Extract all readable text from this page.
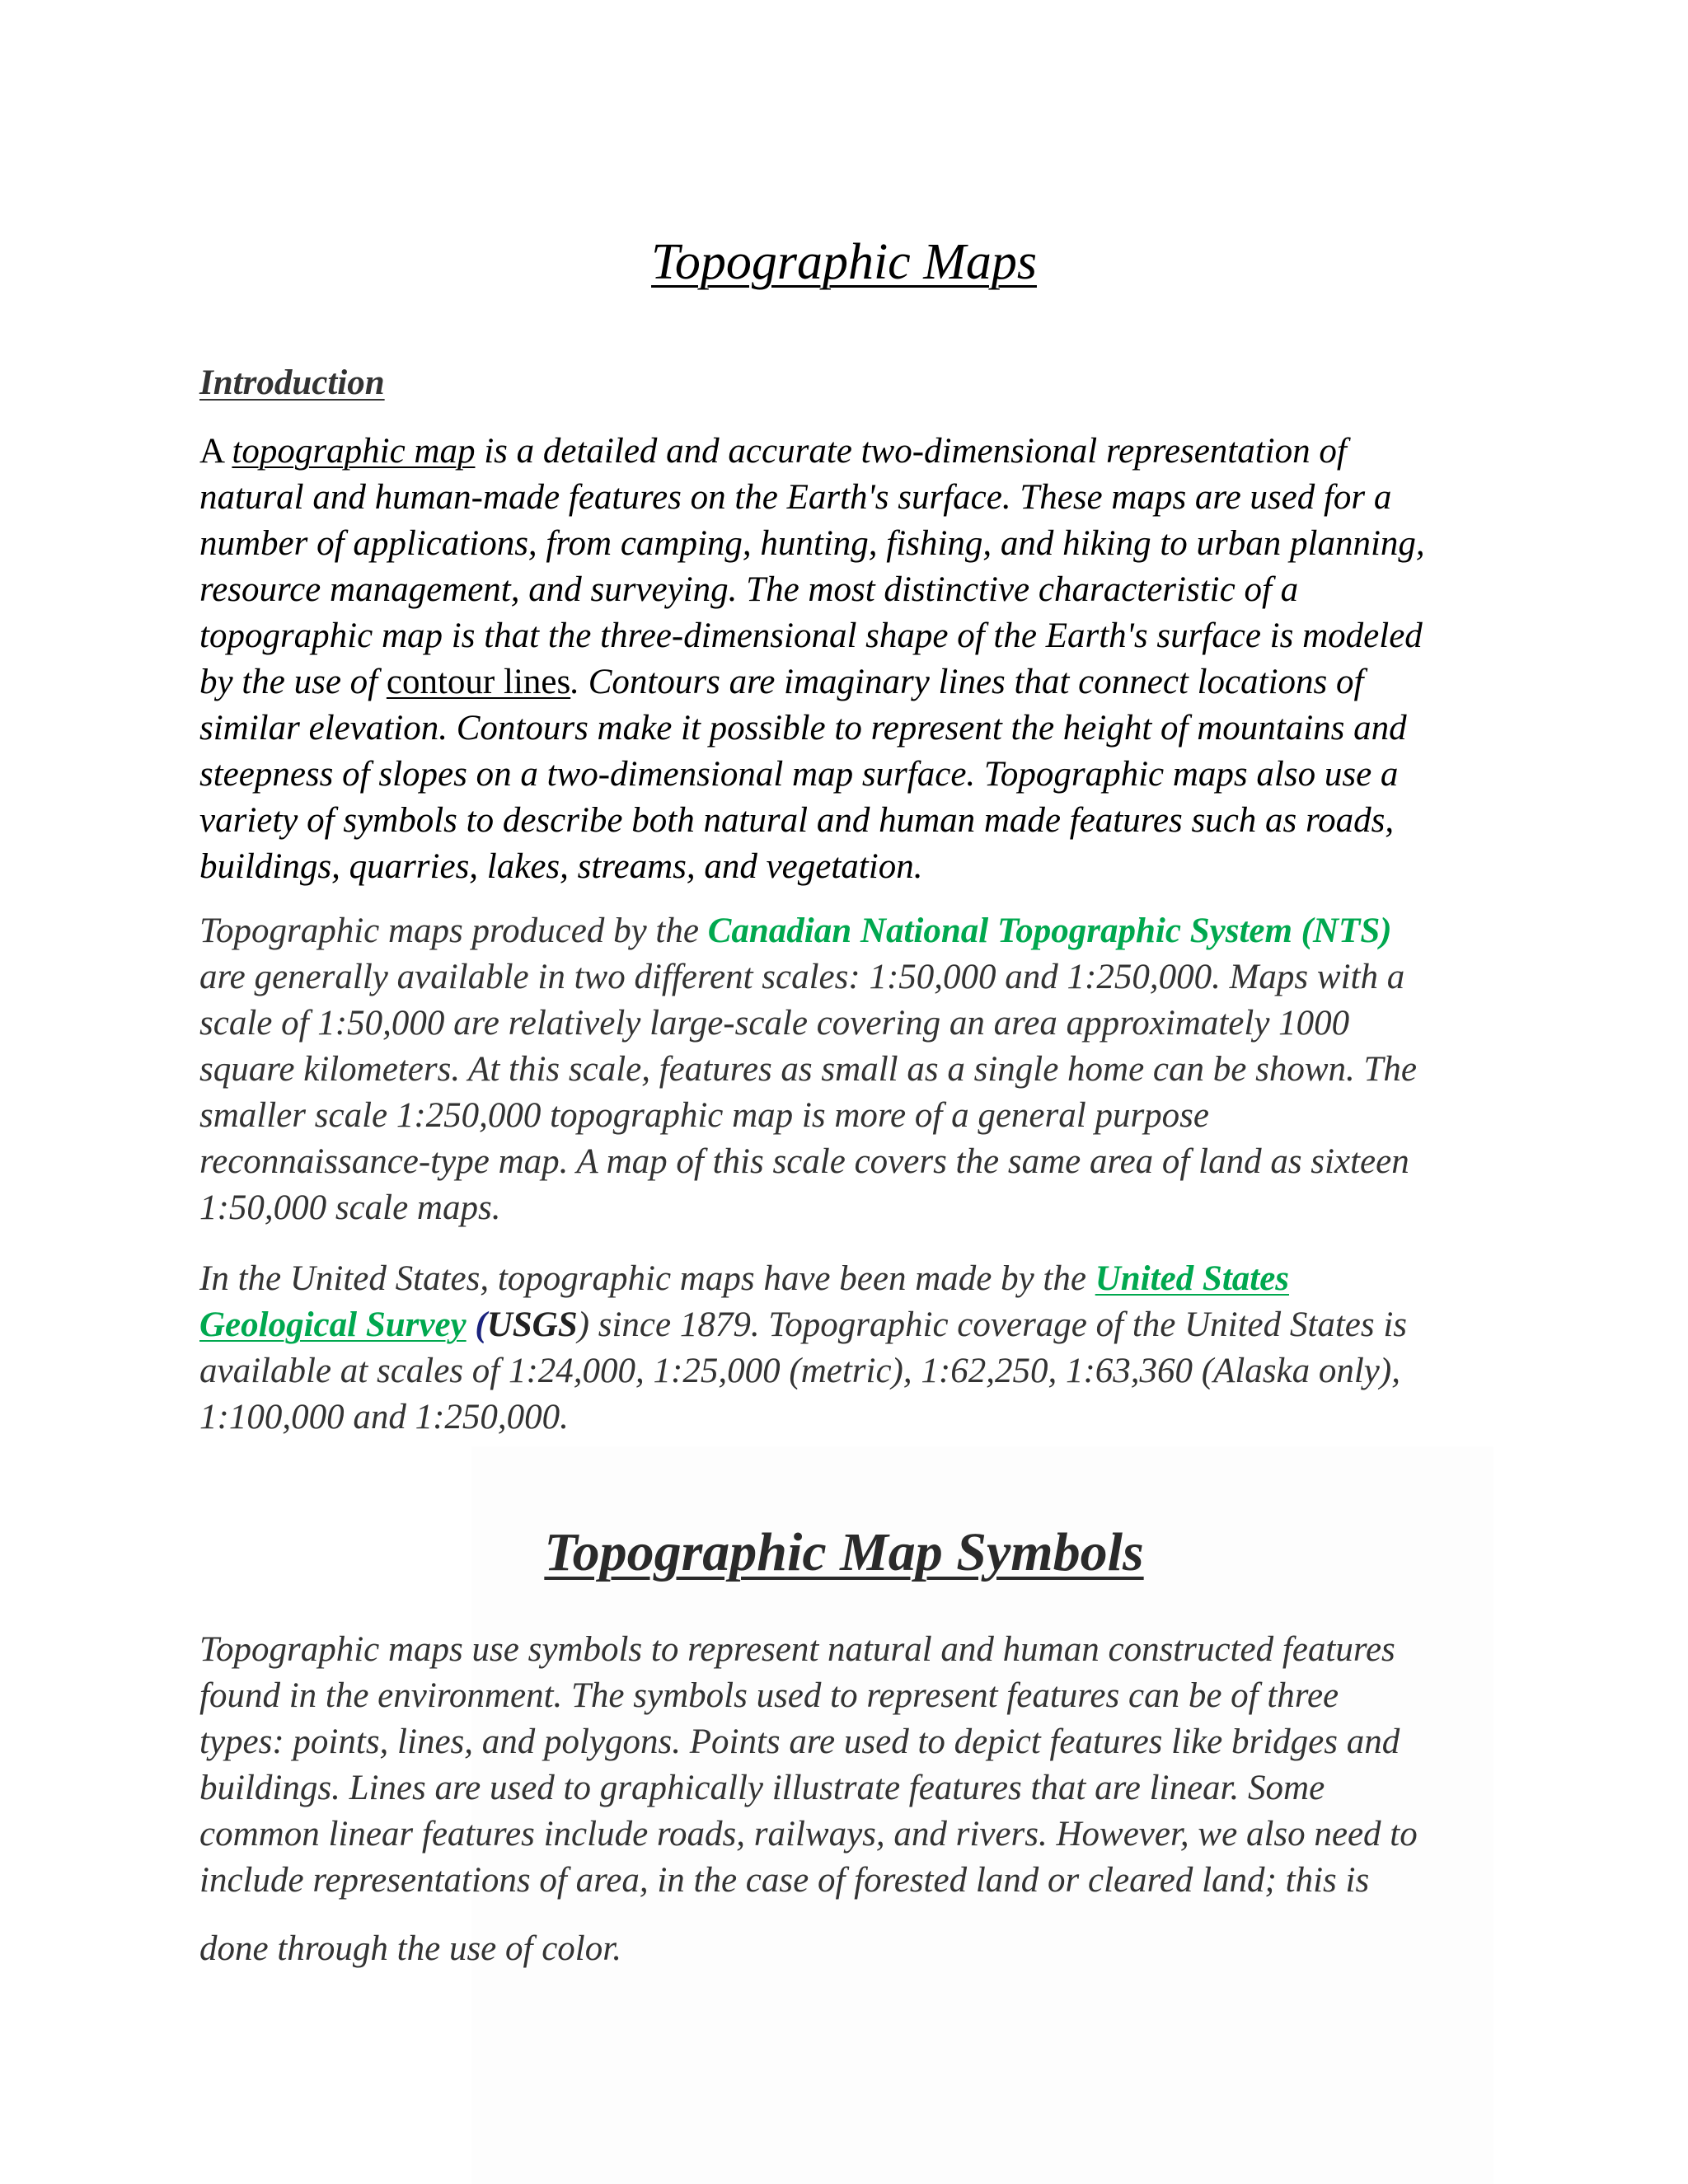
Topographic Maps
Introduction

A topographic map is a detailed and accurate two-dimensional representation of
natural and human-made features on the Earth's surface. These maps are used for a
number of applications, from camping, hunting, fishing, and hiking to urban planning,
resource management, and surveying. The most distinctive characteristic of a
topographic map is that the three-dimensional shape of the Earth's surface is modeled
by the use of contour lines. Contours are imaginary lines that connect locations of
similar elevation. Contours make it possible to represent the height of mountains and
steepness of slopes on a two-dimensional map surface. Topographic maps also use a
variety of symbols to describe both natural and human made features such as roads,
buildings, quarries, lakes, streams, and vegetation.

Topographic maps produced by the Canadian National Topographic System (NTS)
are generally available in two different scales: 1:50,000 and 1:250,000. Maps with a
scale of 1:50,000 are relatively large-scale covering an area approximately 1000
square kilometers. At this scale, features as small as a single home can be shown. The
smaller scale 1:250,000 topographic map is more of a general purpose
reconnaissance-type map. A map of this scale covers the same area of land as sixteen
1:50,000 scale maps.

In the United States, topographic maps have been made by the United States
Geological Survey (USGS) since 1879. Topographic coverage of the United States is
available at scales of 1:24,000, 1:25,000 (metric), 1:62,250, 1:63,360 (Alaska only),
1:100,000 and 1:250,000.

Topographic Map Symbols

Topographic maps use symbols to represent natural and human constructed features
found in the environment. The symbols used to represent features can be of three
types: points, lines, and polygons. Points are used to depict features like bridges and
buildings. Lines are used to graphically illustrate features that are linear. Some
common linear features include roads, railways, and rivers. However, we also need to
include representations of area, in the case of forested land or cleared land; this is
done through the use of color.
